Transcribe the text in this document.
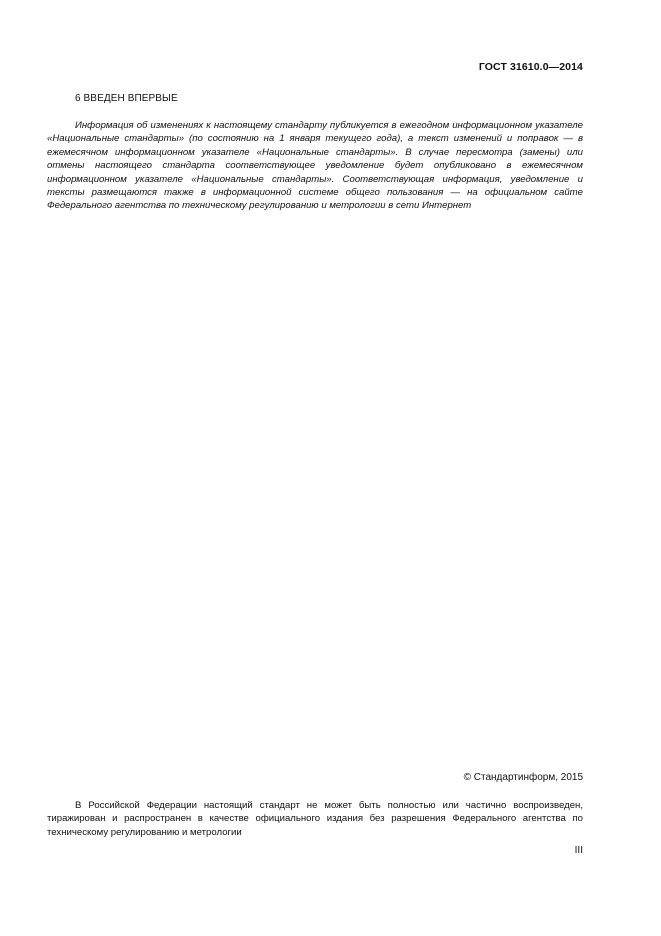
ГОСТ 31610.0—2014
6 ВВЕДЕН ВПЕРВЫЕ

Информация об изменениях к настоящему стандарту публикуется в ежегодном информационном указателе «Национальные стандарты» (по состоянию на 1 января текущего года), а текст изменений и поправок — в ежемесячном информационном указателе «Национальные стандарты». В случае пересмотра (замены) или отмены настоящего стандарта соответствующее уведомление будет опубликовано в ежемесячном информационном указателе «Национальные стандарты». Соответствующая информация, уведомление и тексты размещаются также в информационной системе общего пользования — на официальном сайте Федерального агентства по техническому регулированию и метрологии в сети Интернет

© Стандартинформ, 2015

В Российской Федерации настоящий стандарт не может быть полностью или частично воспроизведен, тиражирован и распространен в качестве официального издания без разрешения Федерального агентства по техническому регулированию и метрологии

III
